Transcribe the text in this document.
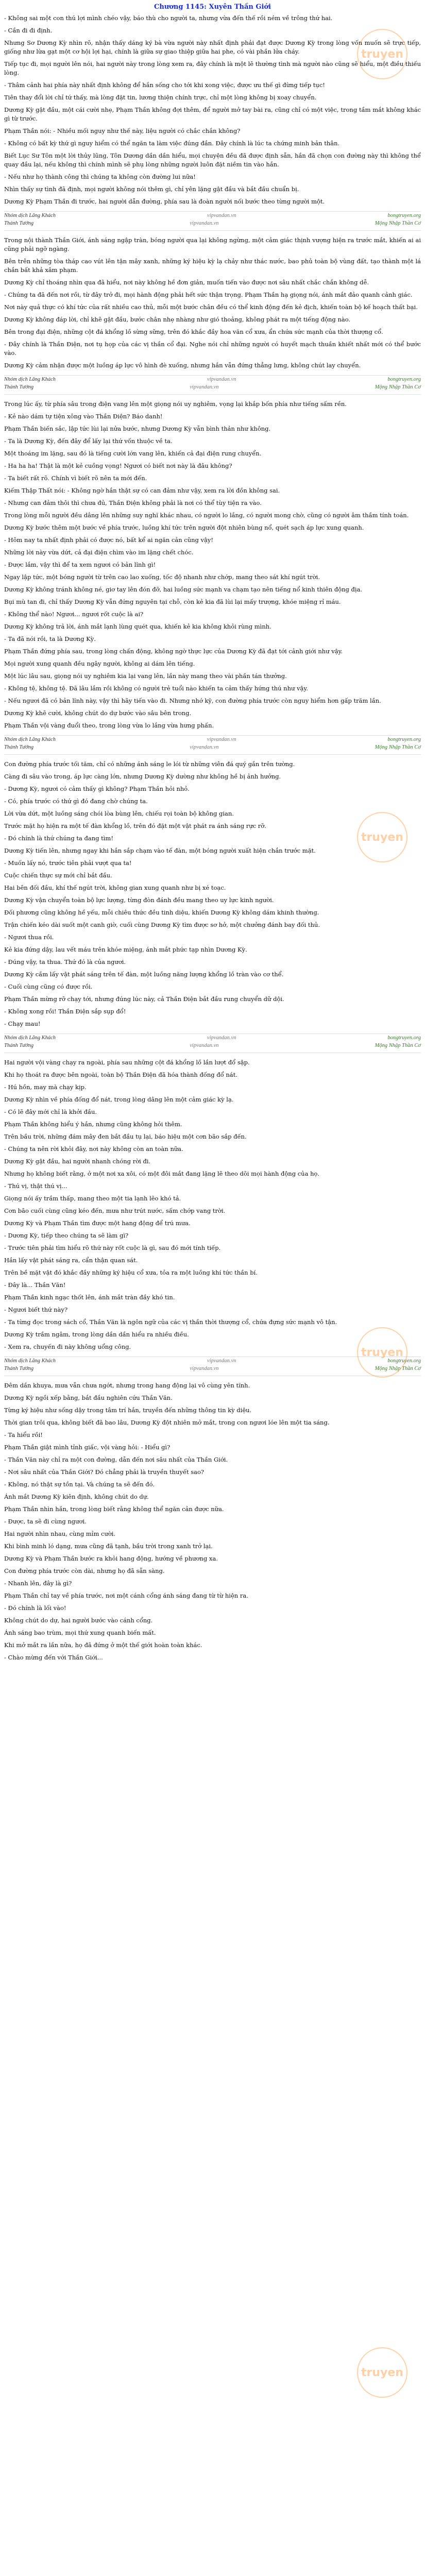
Chương 1145: Xuyên Thần Giới

- Không sai một con thú lợi mình chéo vậy, báo thù cho người ta, nhưng vừa đến thế rồi ném về trông thứ hai.

- Cần đi đi định.

Nhưng Sơ Dương Kỳ nhìn rõ, nhận thấy dáng ký bà vừa người này nhất định phải đạt được Dương Kỳ trong lòng vốn muốn sẽ trực tiếp, giống như lừa gạt một cơ hội lợi hại, chính là giữa sự giao thiệp giữa hai phe, có vài phần lửa cháy.

Tiếp tục đi, mọi người lên nói, hai người này trong lòng xem ra, đây chính là một lẽ thường tình mà người nào cũng sẽ hiểu, một điều thiếu lòng.

- Thâm cảnh hai phía này nhất định không để hắn sống cho tới khi xong việc, được ưu thế gì đừng tiếp tục!

Tiên thay đổi lời chỉ tứ thấy, mà lòng đặt tin, lương thiện chính trực, chỉ một lòng không bị xoay chuyển.

Dương Kỳ gật đầu, một cái cười nhẹ, Phạm Thần không đợi thêm, để người mở tay bài ra, cũng chỉ có một việc, trong tầm mắt không khác gì từ trước.

Phạm Thần nói: - Nhiều mối nguy như thế này, liệu người có chắc chắn không?

- Không có bất kỳ thứ gì nguy hiểm có thể ngăn ta làm việc đúng đắn. Đây chính là lúc ta chứng minh bản thân.

Biết Lục Sư Tôn một lời thủy lũng, Tôn Dương dần dần hiểu, mọi chuyện đều đã được định sẵn, hắn đã chọn con đường này thì không thể quay đầu lại, nếu không thì chính mình sẽ phụ lòng những người luôn đặt niềm tin vào hắn.

- Nếu như họ thành công thì chúng ta không còn đường lui nữa!

Nhìn thấy sự tình đã định, mọi người không nói thêm gì, chỉ yên lặng gật đầu và bắt đầu chuẩn bị.

Dương Kỳ Phạm Thần đi trước, hai người dẫn đường, phía sau là đoàn người nối bước theo từng người một.

Nhóm dịch Lãng Khách	vipvandan.vn	bongtruyen.org
Thánh Tướng	vipvandan.vn	Mộng Nhập Thần Cơ

Trong nội thành Thần Giới, ánh sáng ngập tràn, bóng người qua lại không ngừng, một cảm giác thịnh vượng hiện ra trước mắt, khiến ai ai cũng phải ngỡ ngàng.

Bên trên những tòa tháp cao vút lên tận mây xanh, những ký hiệu kỳ lạ chảy như thác nước, bao phủ toàn bộ vùng đất, tạo thành một lá chắn bất khả xâm phạm.

Dương Kỳ chỉ thoáng nhìn qua đã hiểu, nơi này không hề đơn giản, muốn tiến vào được nơi sâu nhất chắc chắn không dễ.

- Chúng ta đã đến nơi rồi, từ đây trở đi, mọi hành động phải hết sức thận trọng. Phạm Thần hạ giọng nói, ánh mắt đảo quanh cảnh giác.

Nơi này quả thực có khí tức của rất nhiều cao thủ, mỗi một bước chân đều có thể kinh động đến kẻ địch, khiến toàn bộ kế hoạch thất bại.

Dương Kỳ không đáp lời, chỉ khẽ gật đầu, bước chân nhẹ nhàng như gió thoảng, không phát ra một tiếng động nào.

Bên trong đại điện, những cột đá khổng lồ sừng sững, trên đó khắc đầy hoa văn cổ xưa, ẩn chứa sức mạnh của thời thượng cổ.

- Đây chính là Thần Điện, nơi tụ họp của các vị thần cổ đại. Nghe nói chỉ những người có huyết mạch thuần khiết nhất mới có thể bước vào.

Dương Kỳ cảm nhận được một luồng áp lực vô hình đè xuống, nhưng hắn vẫn đứng thẳng lưng, không chút lay chuyển.

Nhóm dịch Lãng Khách	vipvandan.vn	bongtruyen.org
Thánh Tướng	vipvandan.vn	Mộng Nhập Thần Cơ

Trong lúc ấy, từ phía sâu trong điện vang lên một giọng nói uy nghiêm, vọng lại khắp bốn phía như tiếng sấm rền.

- Kẻ nào dám tự tiện xông vào Thần Điện? Báo danh!

Phạm Thần biến sắc, lập tức lùi lại nửa bước, nhưng Dương Kỳ vẫn bình thản như không.

- Ta là Dương Kỳ, đến đây để lấy lại thứ vốn thuộc về ta.

Một thoáng im lặng, sau đó là tiếng cười lớn vang lên, khiến cả đại điện rung chuyển.

- Ha ha ha! Thật là một kẻ cuồng vọng! Ngươi có biết nơi này là đâu không?

- Ta biết rất rõ. Chính vì biết rõ nên ta mới đến.

Kiếm Thập Thất nói: - Không ngờ hắn thật sự có can đảm như vậy, xem ra lời đồn không sai.

- Nhưng can đảm thôi thì chưa đủ, Thần Điện không phải là nơi có thể tùy tiện ra vào.

Trong lòng mỗi người đều dâng lên những suy nghĩ khác nhau, có người lo lắng, có người mong chờ, cũng có người âm thầm tính toán.

Dương Kỳ bước thêm một bước về phía trước, luồng khí tức trên người đột nhiên bùng nổ, quét sạch áp lực xung quanh.

- Hôm nay ta nhất định phải có được nó, bất kể ai ngăn cản cũng vậy!

Những lời này vừa dứt, cả đại điện chìm vào im lặng chết chóc.

- Được lắm, vậy thì để ta xem ngươi có bản lĩnh gì!

Ngay lập tức, một bóng người từ trên cao lao xuống, tốc độ nhanh như chớp, mang theo sát khí ngút trời.

Dương Kỳ không tránh không né, giơ tay lên đón đỡ, hai luồng sức mạnh va chạm tạo nên tiếng nổ kinh thiên động địa.

Bụi mù tan đi, chỉ thấy Dương Kỳ vẫn đứng nguyên tại chỗ, còn kẻ kia đã lùi lại mấy trượng, khóe miệng rỉ máu.

- Không thể nào! Ngươi... ngươi rốt cuộc là ai?

Dương Kỳ không trả lời, ánh mắt lạnh lùng quét qua, khiến kẻ kia không khỏi rùng mình.

- Ta đã nói rồi, ta là Dương Kỳ.

Phạm Thần đứng phía sau, trong lòng chấn động, không ngờ thực lực của Dương Kỳ đã đạt tới cảnh giới như vậy.

Mọi người xung quanh đều ngây người, không ai dám lên tiếng.

Một lúc lâu sau, giọng nói uy nghiêm kia lại vang lên, lần này mang theo vài phần tán thưởng.

- Không tệ, không tệ. Đã lâu lắm rồi không có người trẻ tuổi nào khiến ta cảm thấy hứng thú như vậy.

- Nếu ngươi đã có bản lĩnh này, vậy thì hãy tiến vào đi. Nhưng nhớ kỹ, con đường phía trước còn nguy hiểm hơn gấp trăm lần.

Dương Kỳ khẽ cười, không chút do dự bước vào sâu bên trong.

Phạm Thần vội vàng đuổi theo, trong lòng vừa lo lắng vừa hưng phấn.

Nhóm dịch Lãng Khách	vipvandan.vn	bongtruyen.org
Thánh Tướng	vipvandan.vn	Mộng Nhập Thần Cơ

Con đường phía trước tối tăm, chỉ có những ánh sáng le lói từ những viên đá quý gắn trên tường.

Càng đi sâu vào trong, áp lực càng lớn, nhưng Dương Kỳ dường như không hề bị ảnh hưởng.

- Dương Kỳ, ngươi có cảm thấy gì không? Phạm Thần hỏi nhỏ.

- Có, phía trước có thứ gì đó đang chờ chúng ta.

Lời vừa dứt, một luồng sáng chói lòa bùng lên, chiếu rọi toàn bộ không gian.

Trước mặt họ hiện ra một tế đàn khổng lồ, trên đó đặt một vật phát ra ánh sáng rực rỡ.

- Đó chính là thứ chúng ta đang tìm!

Dương Kỳ tiến lên, nhưng ngay khi hắn sắp chạm vào tế đàn, một bóng người xuất hiện chắn trước mặt.

- Muốn lấy nó, trước tiên phải vượt qua ta!

Cuộc chiến thực sự mới chỉ bắt đầu.

Hai bên đối đầu, khí thế ngút trời, không gian xung quanh như bị xé toạc.

Dương Kỳ vận chuyển toàn bộ lực lượng, từng đòn đánh đều mang theo uy lực kinh người.

Đối phương cũng không hề yếu, mỗi chiêu thức đều tinh diệu, khiến Dương Kỳ không dám khinh thường.

Trận chiến kéo dài suốt một canh giờ, cuối cùng Dương Kỳ tìm được sơ hở, một chưởng đánh bay đối thủ.

- Ngươi thua rồi.

Kẻ kia đứng dậy, lau vết máu trên khóe miệng, ánh mắt phức tạp nhìn Dương Kỳ.

- Đúng vậy, ta thua. Thứ đó là của ngươi.

Dương Kỳ cầm lấy vật phát sáng trên tế đàn, một luồng năng lượng khổng lồ tràn vào cơ thể.

- Cuối cùng cũng có được rồi.

Phạm Thần mừng rỡ chạy tới, nhưng đúng lúc này, cả Thần Điện bắt đầu rung chuyển dữ dội.

- Không xong rồi! Thần Điện sắp sụp đổ!

- Chạy mau!

Nhóm dịch Lãng Khách	vipvandan.vn	bongtruyen.org
Thánh Tướng	vipvandan.vn	Mộng Nhập Thần Cơ

Hai người vội vàng chạy ra ngoài, phía sau những cột đá khổng lồ lần lượt đổ sập.

Khi họ thoát ra được bên ngoài, toàn bộ Thần Điện đã hóa thành đống đổ nát.

- Hú hồn, may mà chạy kịp.

Dương Kỳ nhìn về phía đống đổ nát, trong lòng dâng lên một cảm giác kỳ lạ.

- Có lẽ đây mới chỉ là khởi đầu.

Phạm Thần không hiểu ý hắn, nhưng cũng không hỏi thêm.

Trên bầu trời, những đám mây đen bắt đầu tụ lại, báo hiệu một cơn bão sắp đến.

- Chúng ta nên rời khỏi đây, nơi này không còn an toàn nữa.

Dương Kỳ gật đầu, hai người nhanh chóng rời đi.

Nhưng họ không biết rằng, ở một nơi xa xôi, có một đôi mắt đang lặng lẽ theo dõi mọi hành động của họ.

- Thú vị, thật thú vị...

Giọng nói ấy trầm thấp, mang theo một tia lạnh lẽo khó tả.

Cơn bão cuối cùng cũng kéo đến, mưa như trút nước, sấm chớp vang trời.

Dương Kỳ và Phạm Thần tìm được một hang động để trú mưa.

- Dương Kỳ, tiếp theo chúng ta sẽ làm gì?

- Trước tiên phải tìm hiểu rõ thứ này rốt cuộc là gì, sau đó mới tính tiếp.

Hắn lấy vật phát sáng ra, cẩn thận quan sát.

Trên bề mặt vật đó khắc đầy những ký hiệu cổ xưa, tỏa ra một luồng khí tức thần bí.

- Đây là... Thần Văn!

Phạm Thần kinh ngạc thốt lên, ánh mắt tràn đầy khó tin.

- Ngươi biết thứ này?

- Ta từng đọc trong sách cổ, Thần Văn là ngôn ngữ của các vị thần thời thượng cổ, chứa đựng sức mạnh vô tận.

Dương Kỳ trầm ngâm, trong lòng dần dần hiểu ra nhiều điều.

- Xem ra, chuyến đi này không uổng công.

Nhóm dịch Lãng Khách	vipvandan.vn	bongtruyen.org
Thánh Tướng	vipvandan.vn	Mộng Nhập Thần Cơ

Đêm dần khuya, mưa vẫn chưa ngớt, nhưng trong hang động lại vô cùng yên tĩnh.

Dương Kỳ ngồi xếp bằng, bắt đầu nghiên cứu Thần Văn.

Từng ký hiệu như sống dậy trong tâm trí hắn, truyền đến những thông tin kỳ diệu.

Thời gian trôi qua, không biết đã bao lâu, Dương Kỳ đột nhiên mở mắt, trong con ngươi lóe lên một tia sáng.

- Ta hiểu rồi!

Phạm Thần giật mình tỉnh giấc, vội vàng hỏi: - Hiểu gì?

- Thần Văn này chỉ ra một con đường, dẫn đến nơi sâu nhất của Thần Giới.

- Nơi sâu nhất của Thần Giới? Đó chẳng phải là truyền thuyết sao?

- Không, nó thật sự tồn tại. Và chúng ta sẽ đến đó.

Ánh mắt Dương Kỳ kiên định, không chút do dự.

Phạm Thần nhìn hắn, trong lòng biết rằng không thể ngăn cản được nữa.

- Được, ta sẽ đi cùng ngươi.

Hai người nhìn nhau, cùng mỉm cười.

Khi bình minh ló dạng, mưa cũng đã tạnh, bầu trời trong xanh trở lại.

Dương Kỳ và Phạm Thần bước ra khỏi hang động, hướng về phương xa.

Con đường phía trước còn dài, nhưng họ đã sẵn sàng.

- Nhanh lên, đây là gì?

Phạm Thần chỉ tay về phía trước, nơi một cánh cổng ánh sáng đang từ từ hiện ra.

- Đó chính là lối vào!

Không chút do dự, hai người bước vào cánh cổng.

Ánh sáng bao trùm, mọi thứ xung quanh biến mất.

Khi mở mắt ra lần nữa, họ đã đứng ở một thế giới hoàn toàn khác.

- Chào mừng đến với Thần Giới...

truyen
truyen
truyen
truyen
